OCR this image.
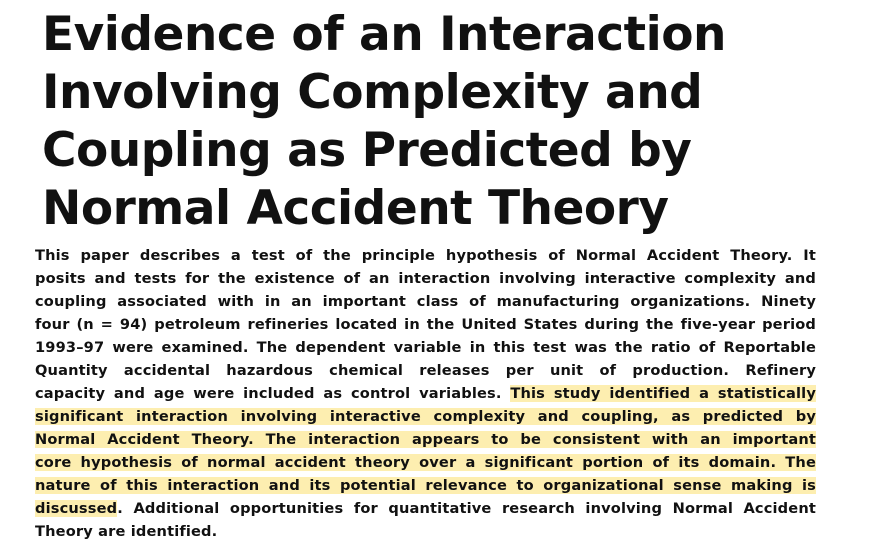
Evidence of an Interaction
Involving Complexity and
Coupling as Predicted by
Normal Accident Theory

This paper describes a test of the principle hypothesis of Normal Accident Theory. It
posits and tests for the existence of an interaction involving interactive complexity and
coupling associated with in an important class of manufacturing organizations. Ninety
four (n = 94) petroleum refineries located in the United States during the five-year period
1993–97 were examined. The dependent variable in this test was the ratio of Reportable
Quantity accidental hazardous chemical releases per unit of production. Refinery
capacity and age were included as control variables. This study identified a statistically
significant interaction involving interactive complexity and coupling, as predicted by
Normal Accident Theory. The interaction appears to be consistent with an important
core hypothesis of normal accident theory over a significant portion of its domain. The
nature of this interaction and its potential relevance to organizational sense making is
discussed. Additional opportunities for quantitative research involving Normal Accident
Theory are identified.
